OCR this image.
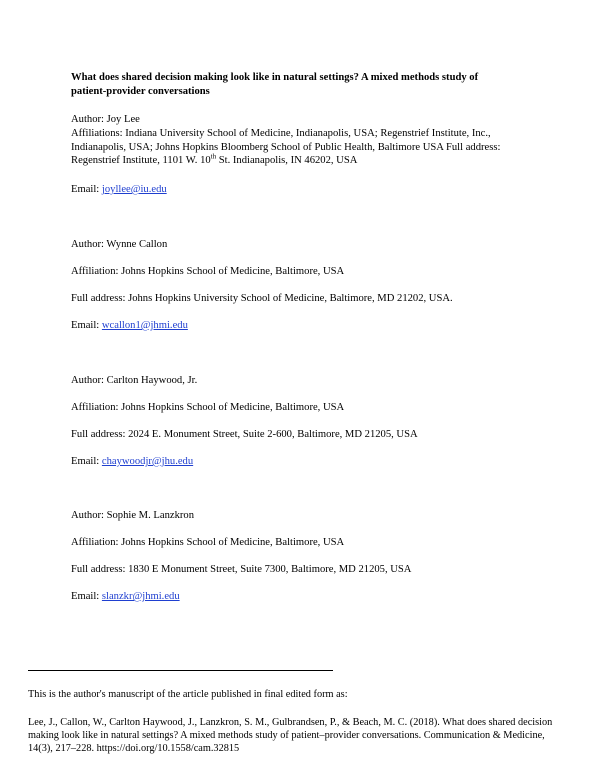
What does shared decision making look like in natural settings? A mixed methods study of patient-provider conversations
Author: Joy Lee
Affiliations: Indiana University School of Medicine, Indianapolis, USA; Regenstrief Institute, Inc., Indianapolis, USA; Johns Hopkins Bloomberg School of Public Health, Baltimore USA Full address: Regenstrief Institute, 1101 W. 10th St. Indianapolis, IN 46202, USA
Email: joyllee@iu.edu
Author: Wynne Callon
Affiliation: Johns Hopkins School of Medicine, Baltimore, USA
Full address: Johns Hopkins University School of Medicine, Baltimore, MD 21202, USA.
Email: wcallon1@jhmi.edu
Author: Carlton Haywood, Jr.
Affiliation: Johns Hopkins School of Medicine, Baltimore, USA
Full address: 2024 E. Monument Street, Suite 2-600, Baltimore, MD 21205, USA
Email: chaywoodjr@jhu.edu
Author: Sophie M. Lanzkron
Affiliation: Johns Hopkins School of Medicine, Baltimore, USA
Full address: 1830 E Monument Street, Suite 7300, Baltimore, MD 21205, USA
Email: slanzkr@jhmi.edu
This is the author's manuscript of the article published in final edited form as:
Lee, J., Callon, W., Carlton Haywood, J., Lanzkron, S. M., Gulbrandsen, P., & Beach, M. C. (2018). What does shared decision making look like in natural settings? A mixed methods study of patient–provider conversations. Communication & Medicine, 14(3), 217–228. https://doi.org/10.1558/cam.32815
